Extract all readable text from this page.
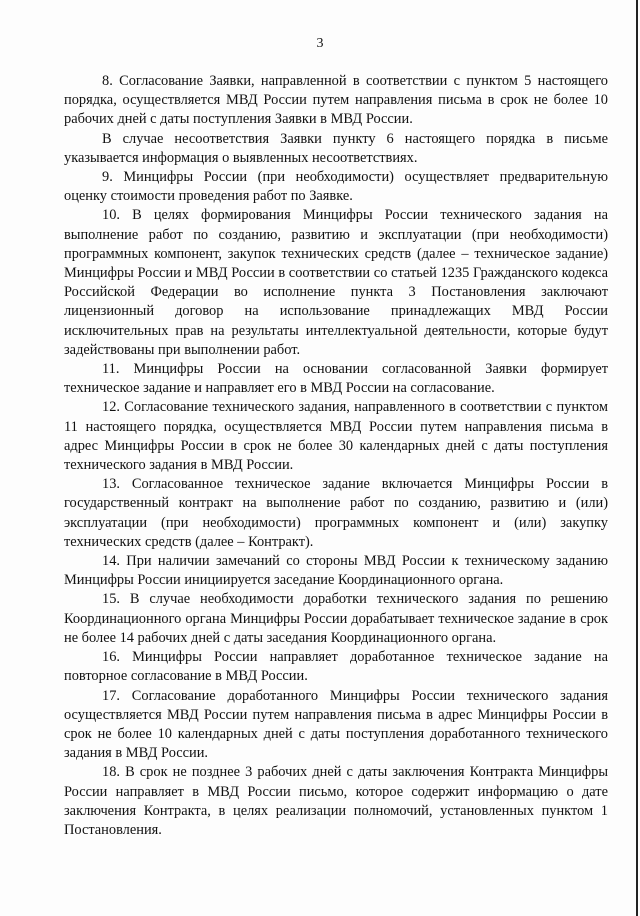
3

8. Согласование Заявки, направленной в соответствии с пунктом 5 настоящего порядка, осуществляется МВД России путем направления письма в срок не более 10 рабочих дней с даты поступления Заявки в МВД России.

В случае несоответствия Заявки пункту 6 настоящего порядка в письме указывается информация о выявленных несоответствиях.

9. Минцифры России (при необходимости) осуществляет предварительную оценку стоимости проведения работ по Заявке.

10. В целях формирования Минцифры России технического задания на выполнение работ по созданию, развитию и эксплуатации (при необходимости) программных компонент, закупок технических средств (далее – техническое задание) Минцифры России и МВД России в соответствии со статьей 1235 Гражданского кодекса Российской Федерации во исполнение пункта 3 Постановления заключают лицензионный договор на использование принадлежащих МВД России исключительных прав на результаты интеллектуальной деятельности, которые будут задействованы при выполнении работ.

11. Минцифры России на основании согласованной Заявки формирует техническое задание и направляет его в МВД России на согласование.

12. Согласование технического задания, направленного в соответствии с пунктом 11 настоящего порядка, осуществляется МВД России путем направления письма в адрес Минцифры России в срок не более 30 календарных дней с даты поступления технического задания в МВД России.

13. Согласованное техническое задание включается Минцифры России в государственный контракт на выполнение работ по созданию, развитию и (или) эксплуатации (при необходимости) программных компонент и (или) закупку технических средств (далее – Контракт).

14. При наличии замечаний со стороны МВД России к техническому заданию Минцифры России инициируется заседание Координационного органа.

15. В случае необходимости доработки технического задания по решению Координационного органа Минцифры России дорабатывает техническое задание в срок не более 14 рабочих дней с даты заседания Координационного органа.

16. Минцифры России направляет доработанное техническое задание на повторное согласование в МВД России.

17. Согласование доработанного Минцифры России технического задания осуществляется МВД России путем направления письма в адрес Минцифры России в срок не более 10 календарных дней с даты поступления доработанного технического задания в МВД России.

18. В срок не позднее 3 рабочих дней с даты заключения Контракта Минцифры России направляет в МВД России письмо, которое содержит информацию о дате заключения Контракта, в целях реализации полномочий, установленных пунктом 1 Постановления.
